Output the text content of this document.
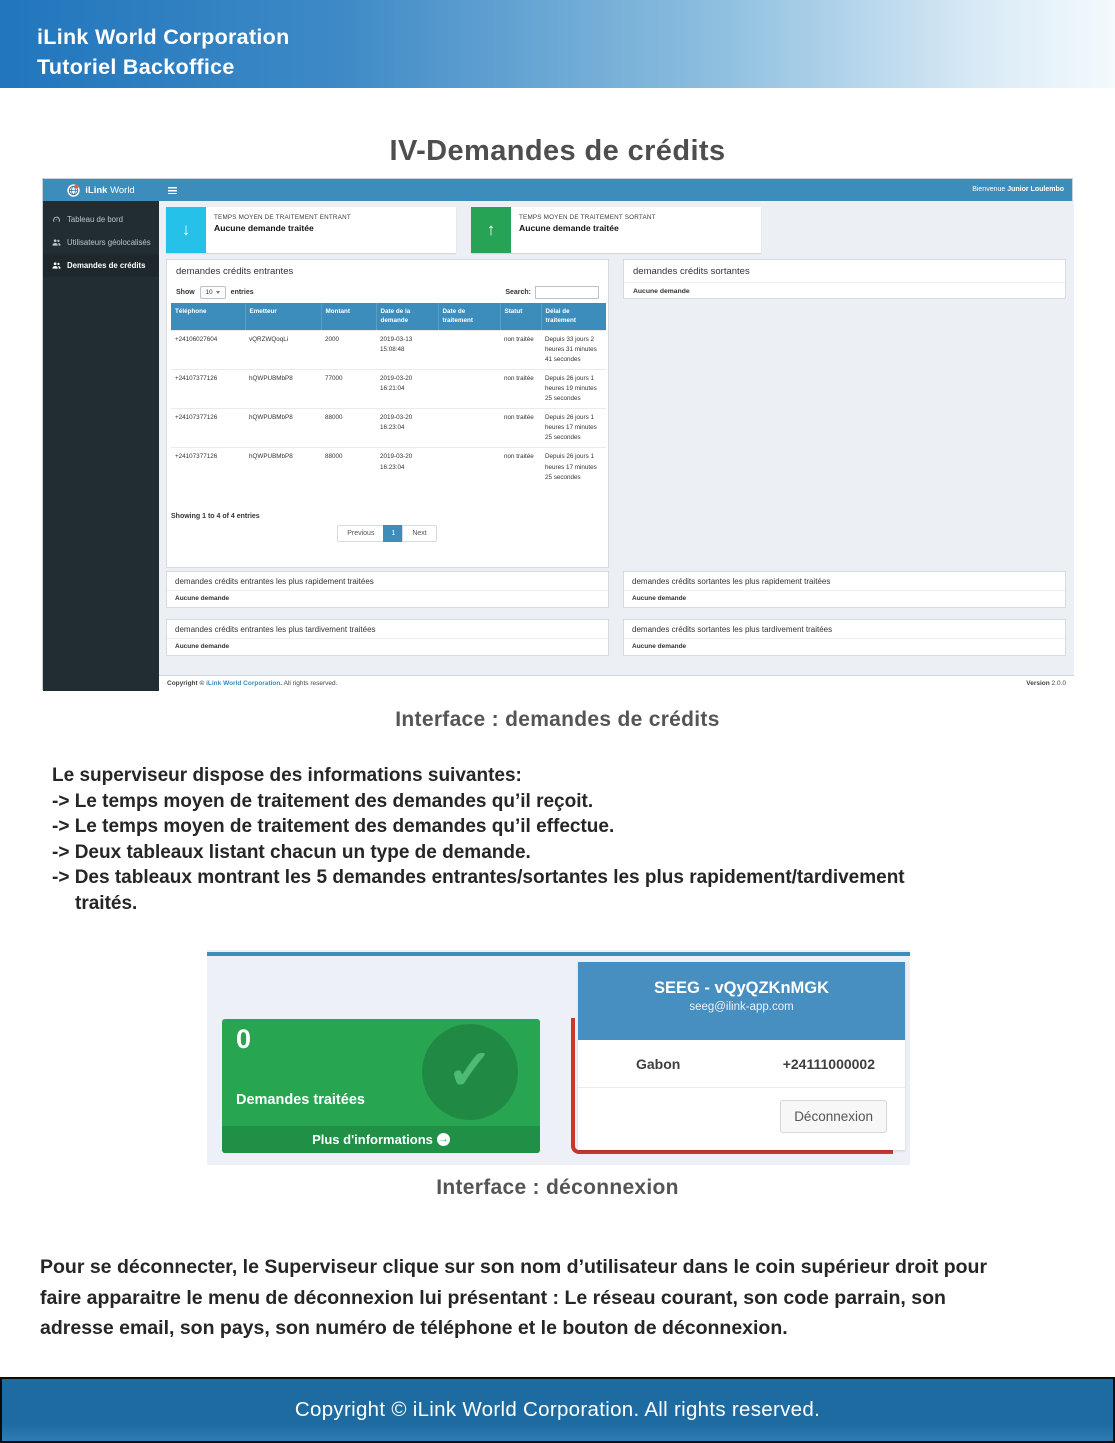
iLink World Corporation
Tutoriel Backoffice
IV-Demandes de crédits
iLink World	Bienvenue Junior Loulembo
Tableau de bord
Utilisateurs géolocalisés
Demandes de crédits
↓
TEMPS MOYEN DE TRAITEMENT ENTRANT
Aucune demande traitée	↑
TEMPS MOYEN DE TRAITEMENT SORTANT
Aucune demande traitée
demandes crédits entrantes
Show 10	entries	Search:
Téléphone	Emetteur	Montant	Date de la demande	Date de traitement	Statut	Délai de traitement
+24106027604	vQRZWQoqLi	2000	2019-03-13 15:08:48		non traitée	Depuis 33 jours 2 heures 31 minutes 41 secondes
+24107377126	hQWPUBMbP8	77000	2019-03-20 16:21:04		non traitée	Depuis 26 jours 1 heures 19 minutes 25 secondes
+24107377126	hQWPUBMbP8	88000	2019-03-20 16:23:04		non traitée	Depuis 26 jours 1 heures 17 minutes 25 secondes
+24107377126	hQWPUBMbP8	88000	2019-03-20 16:23:04		non traitée	Depuis 26 jours 1 heures 17 minutes 25 secondes
Showing 1 to 4 of 4 entries
Previous	1	Next
demandes crédits sortantes
Aucune demande
demandes crédits entrantes les plus rapidement traitées
Aucune demande
demandes crédits sortantes les plus rapidement traitées
Aucune demande
demandes crédits entrantes les plus tardivement traitées
Aucune demande
demandes crédits sortantes les plus tardivement traitées
Aucune demande
Copyright © iLink World Corporation. All rights reserved.	Version 2.0.0
Interface : demandes de crédits
Le superviseur dispose des informations suivantes:
-> Le temps moyen de traitement des demandes qu’il reçoit.
-> Le temps moyen de traitement des demandes qu’il effectue.
-> Deux tableaux listant chacun un type de demande.
-> Des tableaux montrant les 5 demandes entrantes/sortantes les plus rapidement/tardivement
traités.
0
Demandes traitées ✓
Plus d'informations →
SEEG - vQyQZKnMGK
seeg@ilink-app.com
Gabon	+24111000002
Déconnexion
Interface : déconnexion
Pour se déconnecter, le Superviseur clique sur son nom d’utilisateur dans le coin supérieur droit pour
faire apparaitre le menu de déconnexion lui présentant : Le réseau courant, son code parrain, son
adresse email, son pays, son numéro de téléphone et le bouton de déconnexion.
Copyright © iLink World Corporation. All rights reserved.
